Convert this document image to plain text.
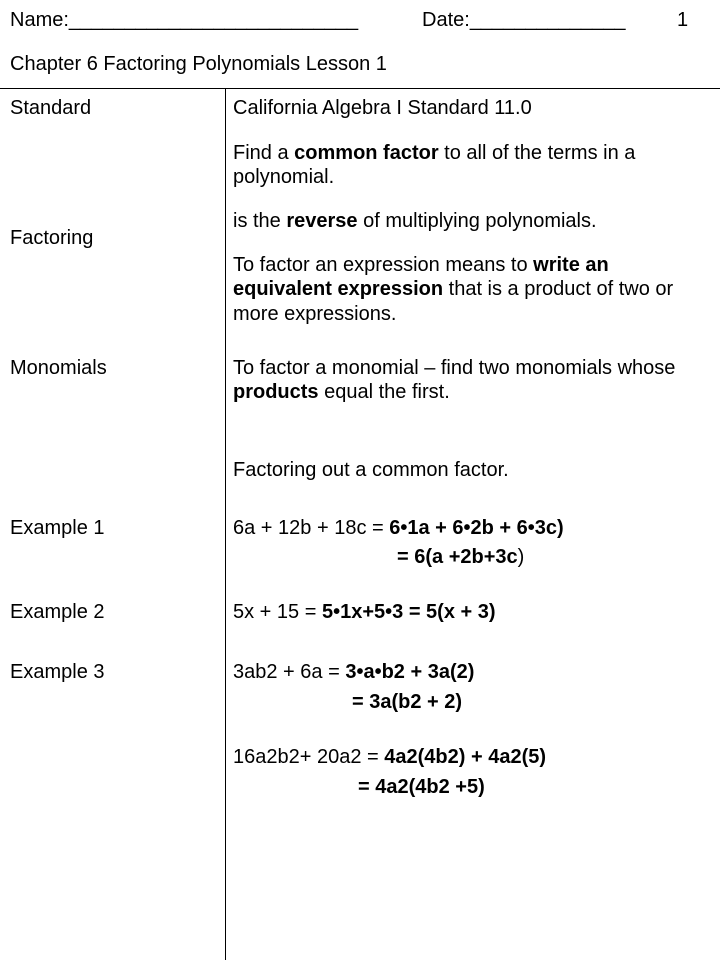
Name:__________________________	Date:______________	1
Chapter 6 Factoring Polynomials Lesson 1
Standard
Factoring
Monomials
Example 1
Example 2
Example 3
California Algebra I Standard 11.0
Find a common factor to all of the terms in a polynomial.
is the reverse of multiplying polynomials.
To factor an expression means to write an equivalent expression that is a product of two or more expressions.
To factor a monomial – find two monomials whose products equal the first.
Factoring out a common factor.
6a + 12b + 18c = 6•1a + 6•2b + 6•3c)
= 6(a +2b+3c)
5x + 15 = 5•1x+5•3 = 5(x + 3)
3ab2 + 6a = 3•a•b2 + 3a(2)
= 3a(b2 + 2)
16a2b2+ 20a2 = 4a2(4b2) + 4a2(5)
= 4a2(4b2 +5)
